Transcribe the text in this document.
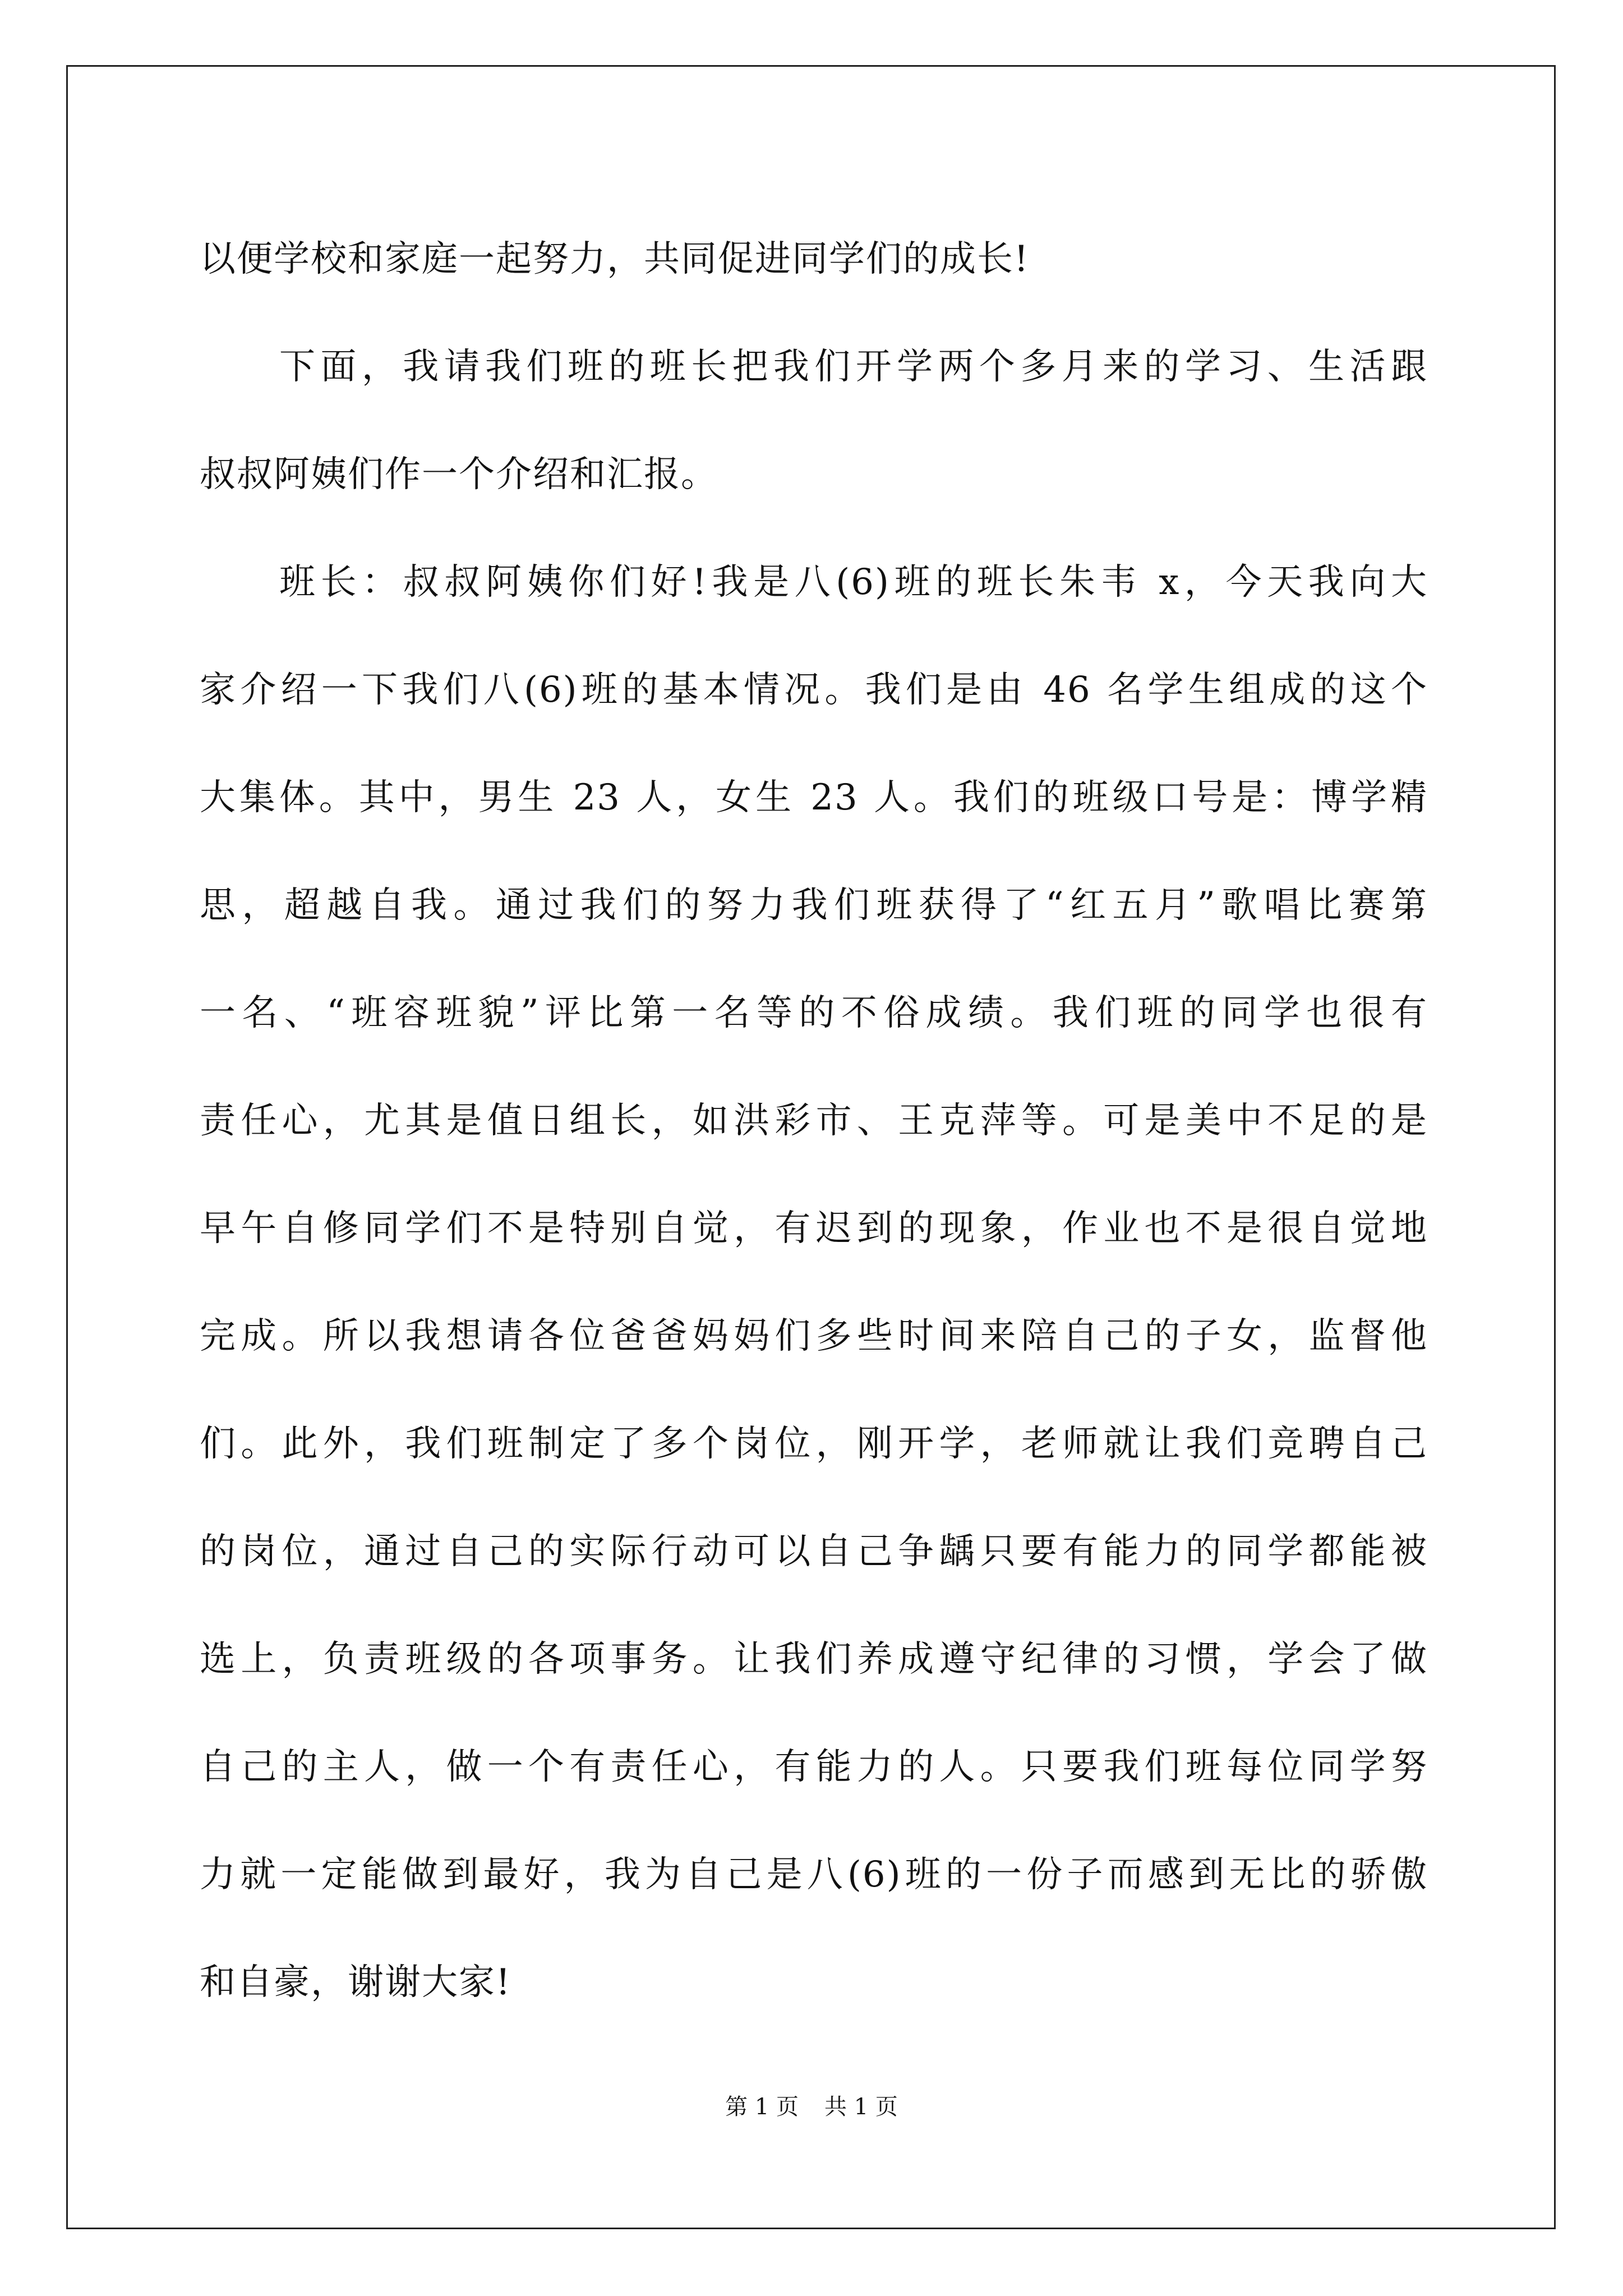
以便学校和家庭一起努力，共同促进同学们的成长!
下面，我请我们班的班长把我们开学两个多月来的学习、生活跟
叔叔阿姨们作一个介绍和汇报。
班长：叔叔阿姨你们好!我是八(6)班的班长朱韦 x，今天我向大
家介绍一下我们八(6)班的基本情况。我们是由 46 名学生组成的这个
大集体。其中，男生 23 人，女生 23 人。我们的班级口号是：博学精
思，超越自我。通过我们的努力我们班获得了“红五月”歌唱比赛第
一名、“班容班貌”评比第一名等的不俗成绩。我们班的同学也很有
责任心，尤其是值日组长，如洪彩市、王克萍等。可是美中不足的是
早午自修同学们不是特别自觉，有迟到的现象，作业也不是很自觉地
完成。所以我想请各位爸爸妈妈们多些时间来陪自己的子女，监督他
们。此外，我们班制定了多个岗位，刚开学，老师就让我们竞聘自己
的岗位，通过自己的实际行动可以自己争龋只要有能力的同学都能被
选上，负责班级的各项事务。让我们养成遵守纪律的习惯，学会了做
自己的主人，做一个有责任心，有能力的人。只要我们班每位同学努
力就一定能做到最好，我为自己是八(6)班的一份子而感到无比的骄傲
和自豪，谢谢大家!
第 1 页 共 1 页
